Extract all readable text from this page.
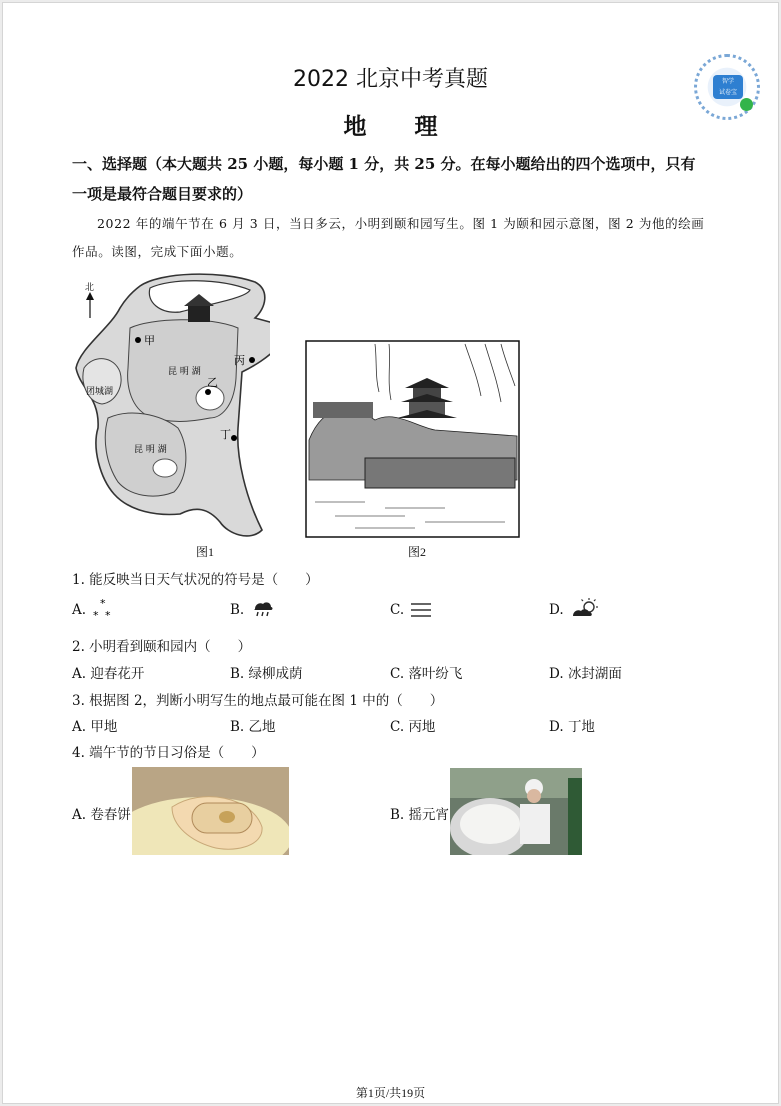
2022 北京中考真题
地理
智学
试卷宝
一、选择题（本大题共 25 小题，每小题 1 分，共 25 分。在每小题给出的四个选项中，只有
一项是最符合题目要求的）
2022 年的端午节在 6 月 3 日，当日多云，小明到颐和园写生。图 1 为颐和园示意图，图 2 为他的绘画
作品。读图，完成下面小题。
北
甲
乙
丙
丁
昆 明 湖
昆 明 湖
团城湖
图1	图2
1. 能反映当日天气状况的符号是（　　）
A. *
* *	B.	C.	D.
2. 小明看到颐和园内（　　）
A. 迎春花开	B. 绿柳成荫	C. 落叶纷飞	D. 冰封湖面
3. 根据图 2，判断小明写生的地点最可能在图 1 中的（　　）
A. 甲地	B. 乙地	C. 丙地	D. 丁地
4. 端午节的节日习俗是（　　）
A. 卷春饼	B. 摇元宵
第1页/共19页
